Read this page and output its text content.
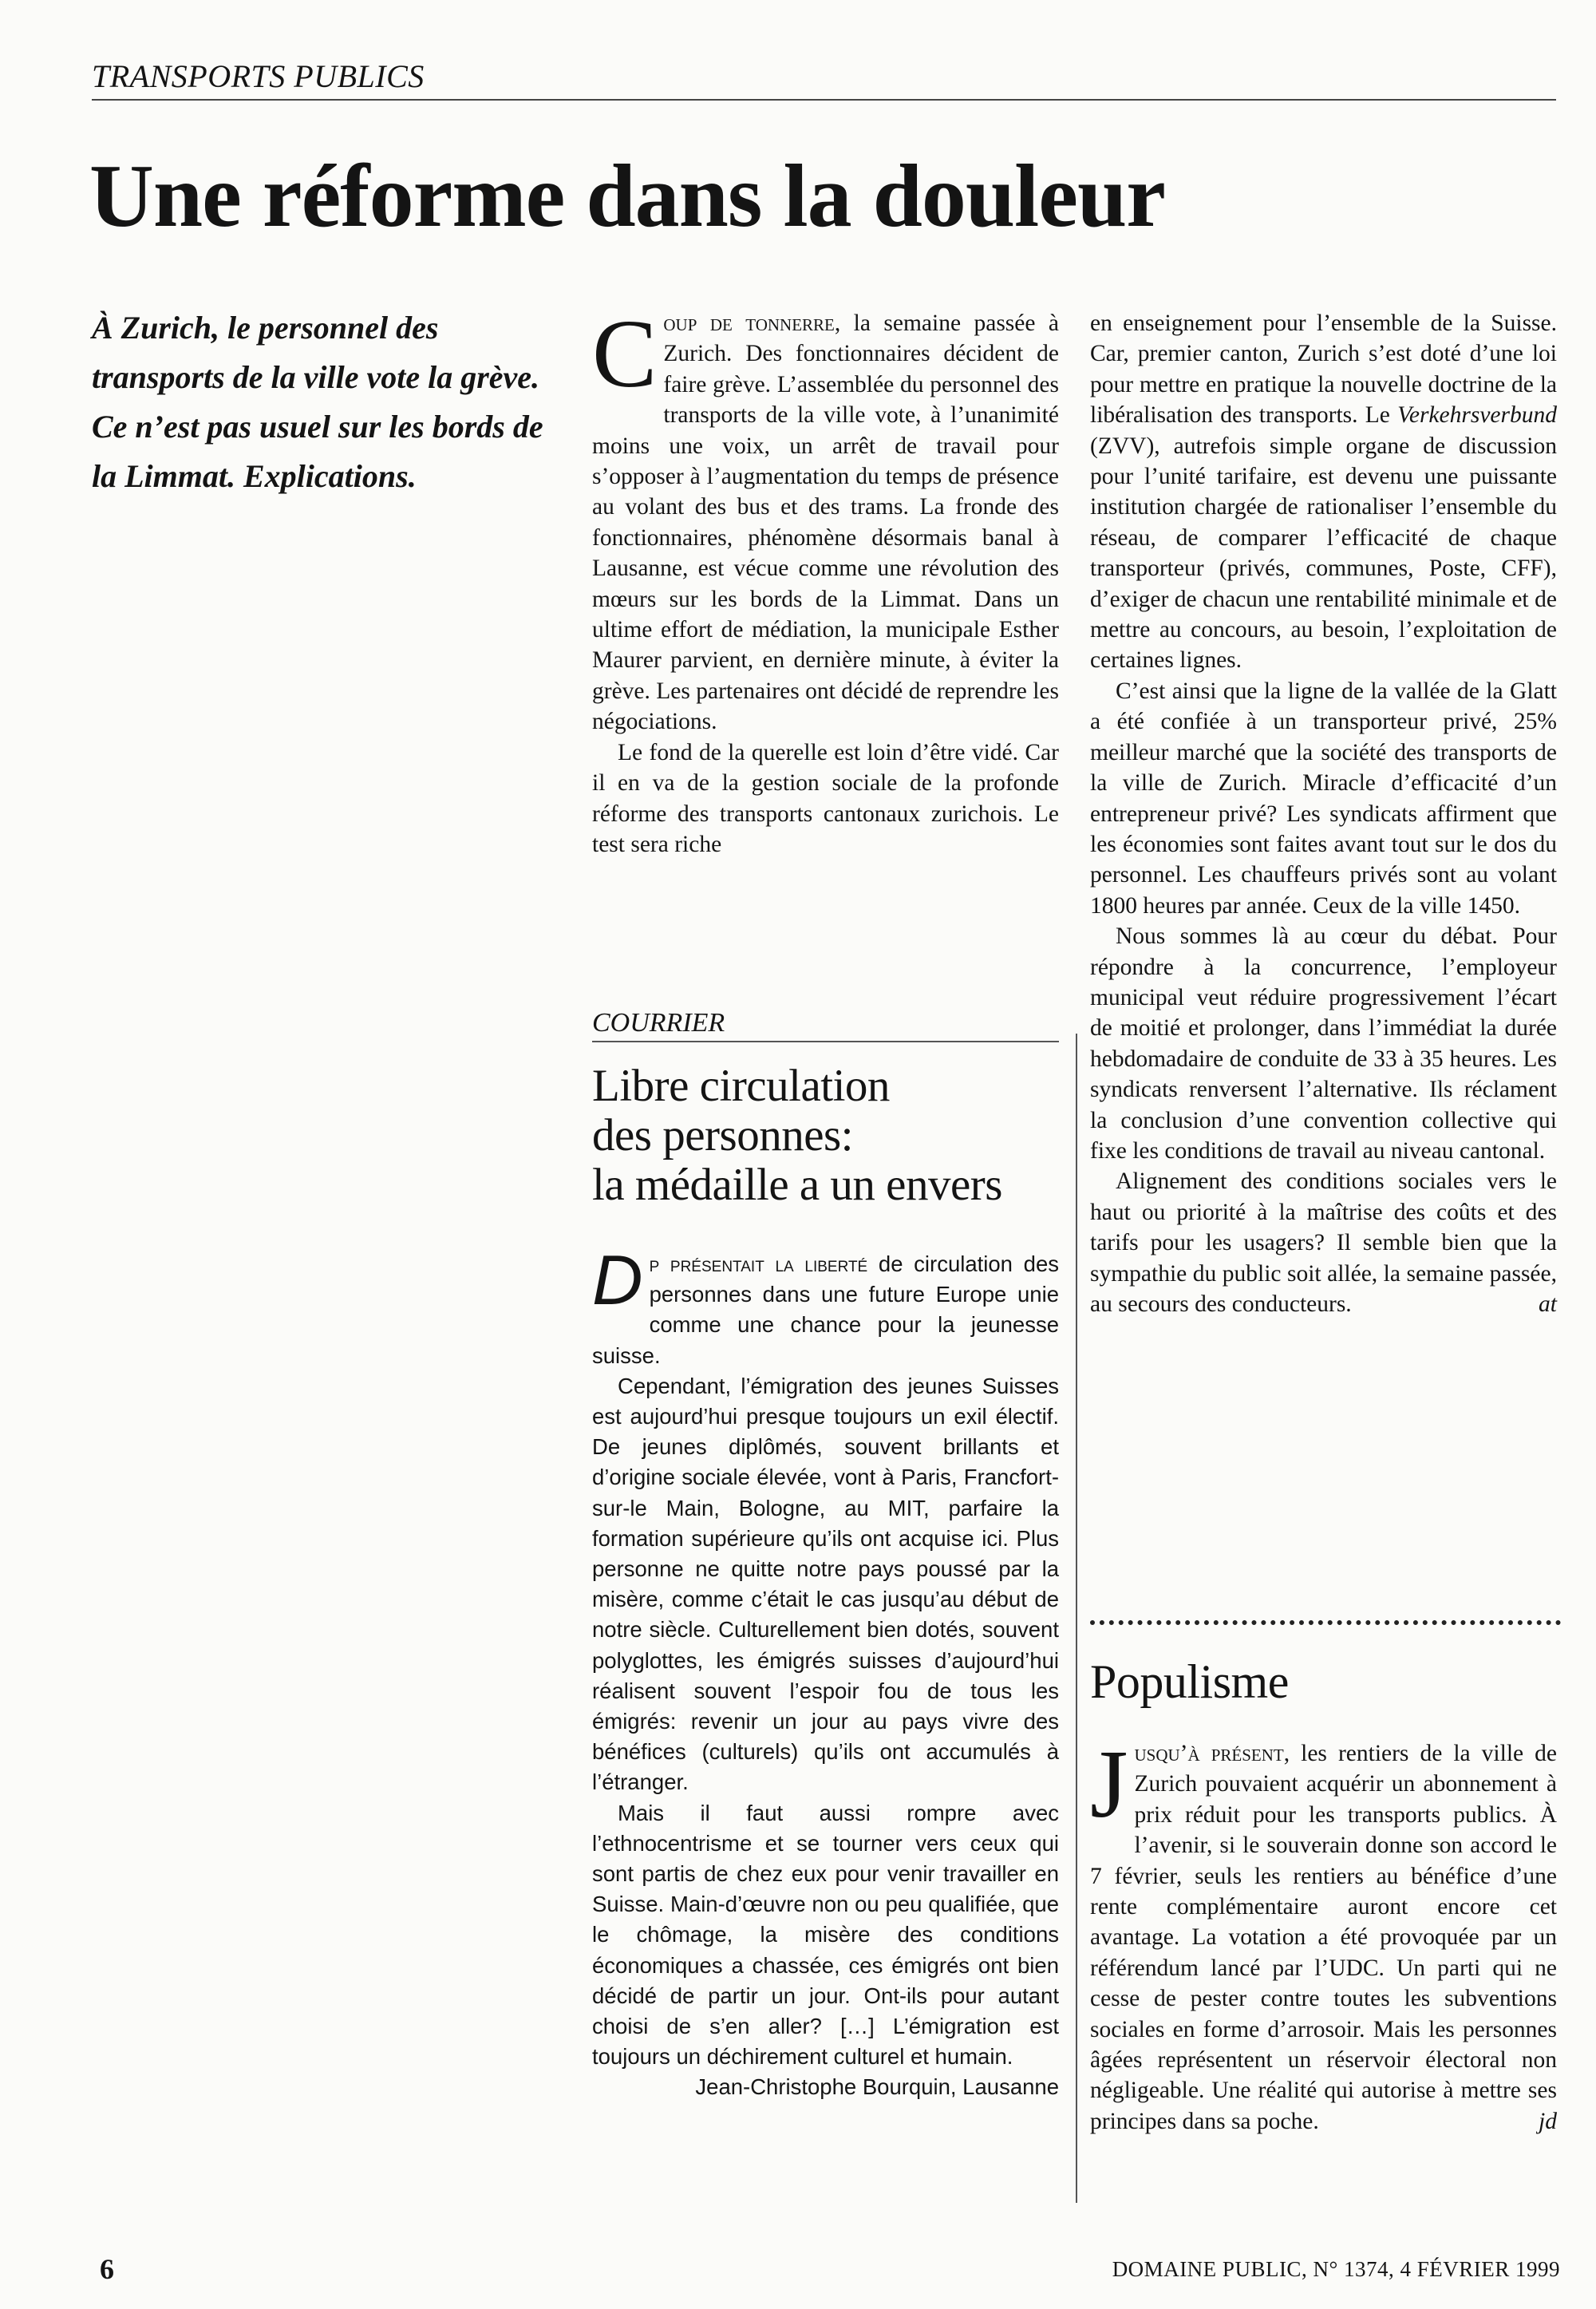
TRANSPORTS PUBLICS
Une réforme dans la douleur
À Zurich, le personnel des transports de la ville vote la grève. Ce n’est pas usuel sur les bords de la Limmat. Explications.

Coup de tonnerre, la semaine passée à Zurich. Des fonctionnaires décident de faire grève. L’assemblée du personnel des transports de la ville vote, à l’unanimité moins une voix, un arrêt de travail pour s’opposer à l’augmentation du temps de présence au volant des bus et des trams. La fronde des fonctionnaires, phénomène désormais banal à Lausanne, est vécue comme une révolution des mœurs sur les bords de la Limmat. Dans un ultime effort de médiation, la municipale Esther Maurer parvient, en dernière minute, à éviter la grève. Les partenaires ont décidé de reprendre les négociations.

Le fond de la querelle est loin d’être vidé. Car il en va de la gestion sociale de la profonde réforme des transports cantonaux zurichois. Le test sera riche

en enseignement pour l’ensemble de la Suisse. Car, premier canton, Zurich s’est doté d’une loi pour mettre en pratique la nouvelle doctrine de la libéralisation des transports. Le Verkehrsverbund (ZVV), autrefois simple organe de discussion pour l’unité tarifaire, est devenu une puissante institution chargée de rationaliser l’ensemble du réseau, de comparer l’efficacité de chaque transporteur (privés, communes, Poste, CFF), d’exiger de chacun une rentabilité minimale et de mettre au concours, au besoin, l’exploitation de certaines lignes.

C’est ainsi que la ligne de la vallée de la Glatt a été confiée à un transporteur privé, 25% meilleur marché que la société des transports de la ville de Zurich. Miracle d’efficacité d’un entrepreneur privé? Les syndicats affirment que les économies sont faites avant tout sur le dos du personnel. Les chauffeurs privés sont au volant 1800 heures par année. Ceux de la ville 1450.

Nous sommes là au cœur du débat. Pour répondre à la concurrence, l’employeur municipal veut réduire progressivement l’écart de moitié et prolonger, dans l’immédiat la durée hebdomadaire de conduite de 33 à 35 heures. Les syndicats renversent l’alternative. Ils réclament la conclusion d’une convention collective qui fixe les conditions de travail au niveau cantonal.

Alignement des conditions sociales vers le haut ou priorité à la maîtrise des coûts et des tarifs pour les usagers? Il semble bien que la sympathie du public soit allée, la semaine passée, au secours des conducteurs.	at

COURRIER
Libre circulation
des personnes:
la médaille a un envers

Dp présentait la liberté de circulation des personnes dans une future Europe unie comme une chance pour la jeunesse suisse.

Cependant, l’émigration des jeunes Suisses est aujourd’hui presque toujours un exil électif. De jeunes diplômés, souvent brillants et d’origine sociale élevée, vont à Paris, Francfort-sur-le Main, Bologne, au MIT, parfaire la formation supérieure qu’ils ont acquise ici. Plus personne ne quitte notre pays poussé par la misère, comme c’était le cas jusqu’au début de notre siècle. Culturellement bien dotés, souvent polyglottes, les émigrés suisses d’aujourd’hui réalisent souvent l’espoir fou de tous les émigrés: revenir un jour au pays vivre des bénéfices (culturels) qu’ils ont accumulés à l’étranger.

Mais il faut aussi rompre avec l’ethnocentrisme et se tourner vers ceux qui sont partis de chez eux pour venir travailler en Suisse. Main-d’œuvre non ou peu qualifiée, que le chômage, la misère des conditions économiques a chassée, ces émigrés ont bien décidé de partir un jour. Ont-ils pour autant choisi de s’en aller? […] L’émigration est toujours un déchirement culturel et humain.

Jean-Christophe Bourquin, Lausanne

Populisme

Jusqu’à présent, les rentiers de la ville de Zurich pouvaient acquérir un abonnement à prix réduit pour les transports publics. À l’avenir, si le souverain donne son accord le 7 février, seuls les rentiers au bénéfice d’une rente complémentaire auront encore cet avantage. La votation a été provoquée par un référendum lancé par l’UDC. Un parti qui ne cesse de pester contre toutes les subventions sociales en forme d’arrosoir. Mais les personnes âgées représentent un réservoir électoral non négligeable. Une réalité qui autorise à mettre ses principes dans sa poche.	jd

6	DOMAINE PUBLIC, N° 1374, 4 FÉVRIER 1999
